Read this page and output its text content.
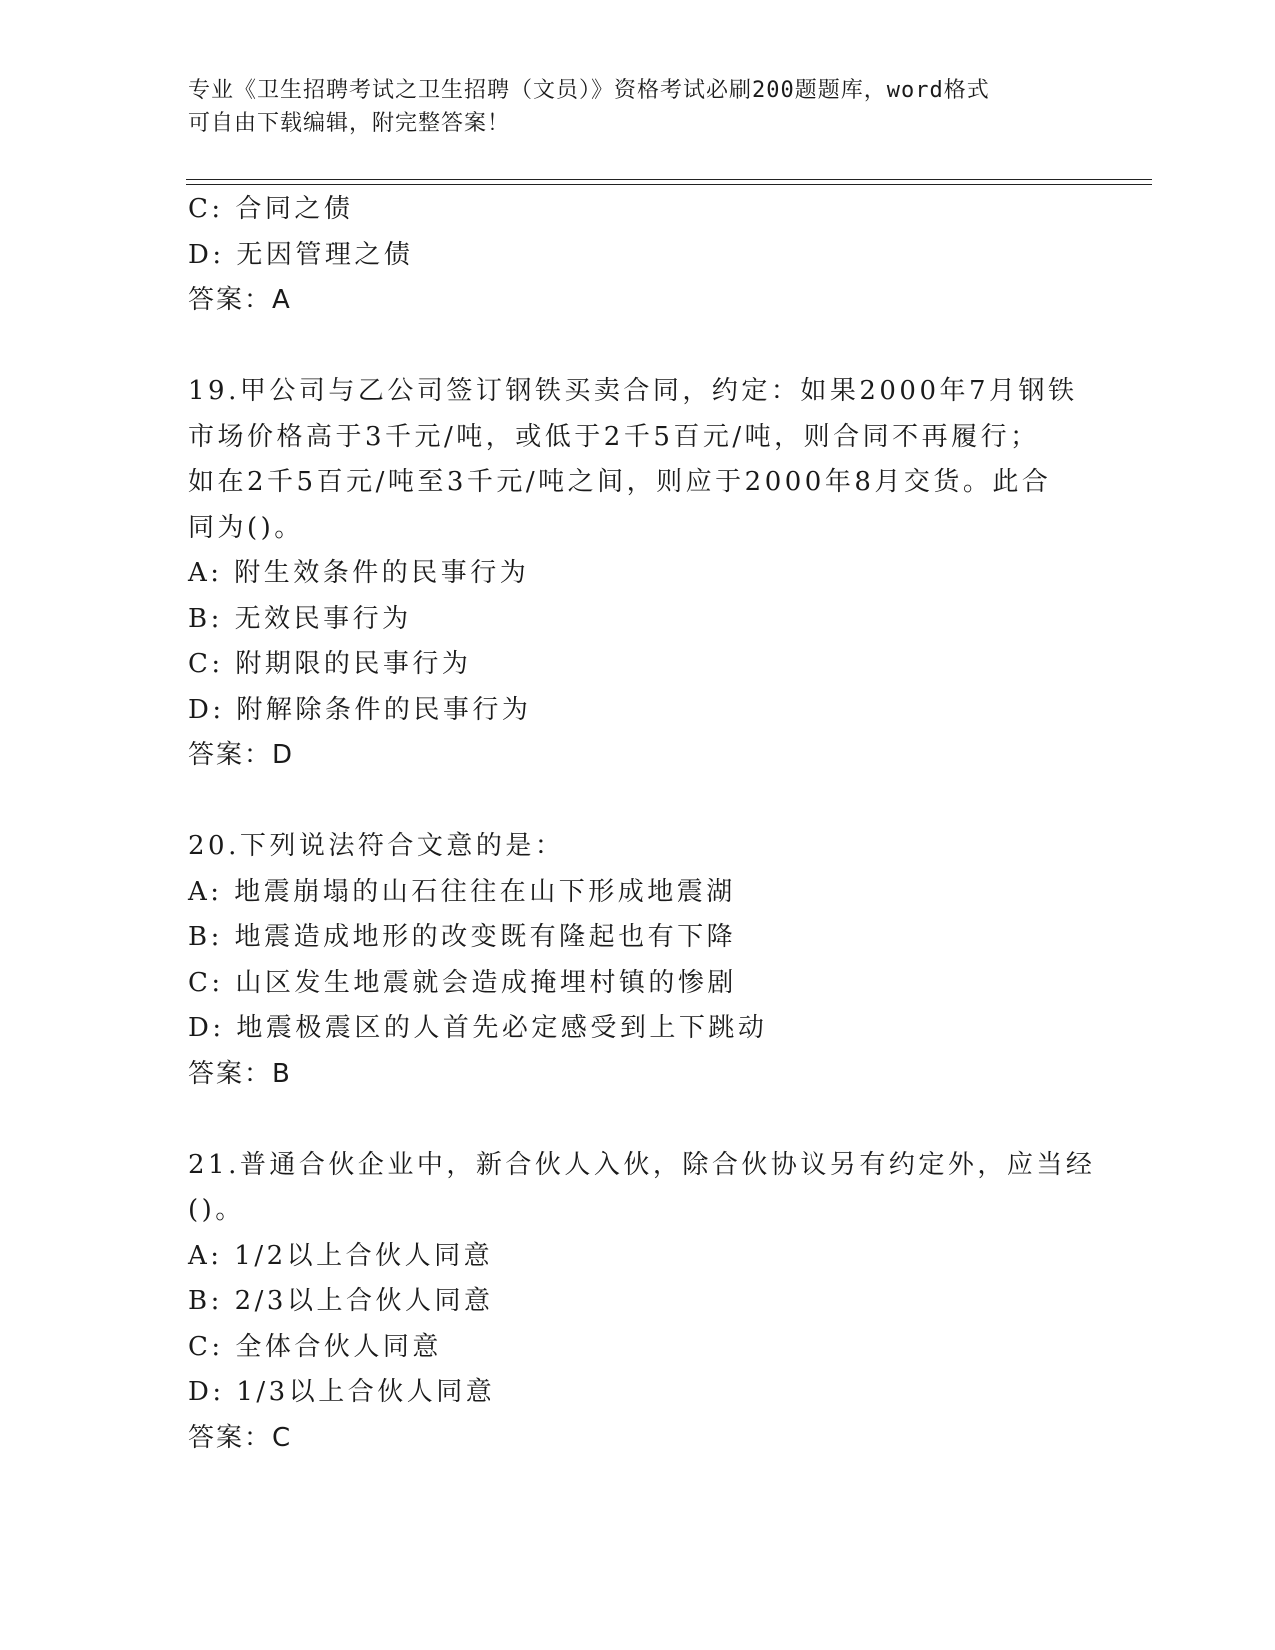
专业《卫生招聘考试之卫生招聘（文员）》资格考试必刷200题题库，word格式
可自由下载编辑，附完整答案！
C: 合同之债
D: 无因管理之债
答案：A
19.甲公司与乙公司签订钢铁买卖合同，约定：如果2000年7月钢铁
市场价格高于3千元/吨，或低于2千5百元/吨，则合同不再履行；
如在2千5百元/吨至3千元/吨之间，则应于2000年8月交货。此合
同为()。
A: 附生效条件的民事行为
B: 无效民事行为
C: 附期限的民事行为
D: 附解除条件的民事行为
答案：D
20.下列说法符合文意的是：
A: 地震崩塌的山石往往在山下形成地震湖
B: 地震造成地形的改变既有隆起也有下降
C: 山区发生地震就会造成掩埋村镇的惨剧
D: 地震极震区的人首先必定感受到上下跳动
答案：B
21.普通合伙企业中，新合伙人入伙，除合伙协议另有约定外，应当经
()。
A: 1/2以上合伙人同意
B: 2/3以上合伙人同意
C: 全体合伙人同意
D: 1/3以上合伙人同意
答案：C
